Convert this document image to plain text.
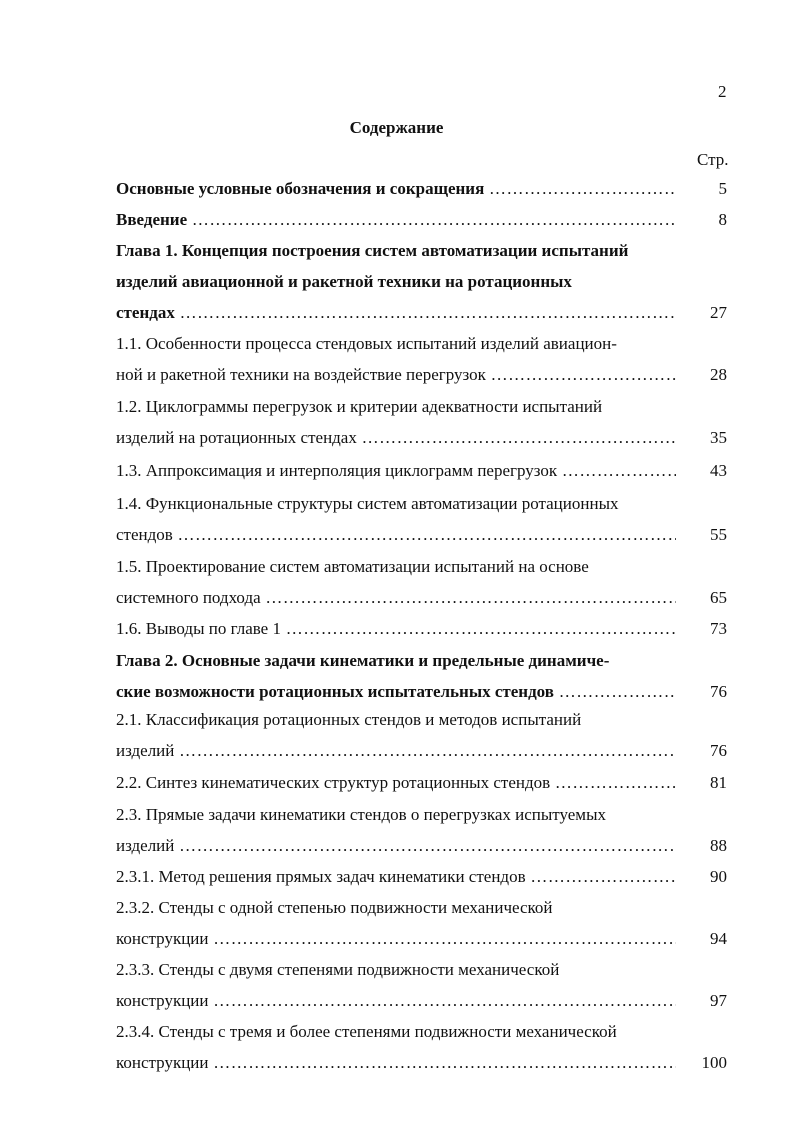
2
Содержание
Стр.
Основные условные обозначения и сокращения ………………………………………………………………………………………………………………………………………………………………………………	5
Введение ………………………………………………………………………………………………………………………………………………………………………………	8
Глава 1. Концепция построения систем автоматизации испытаний
изделий авиационной и ракетной техники на ротационных
стендах ………………………………………………………………………………………………………………………………………………………………………………	27
1.1. Особенности процесса стендовых испытаний изделий авиацион-
ной и ракетной техники на воздействие перегрузок ………………………………………………………………………………………………………………………………………………………………………………	28
1.2. Циклограммы перегрузок и критерии адекватности испытаний
изделий на ротационных стендах ………………………………………………………………………………………………………………………………………………………………………………	35
1.3. Аппроксимация и интерполяция циклограмм перегрузок ………………………………………………………………………………………………………………………………………………………………………………	43
1.4. Функциональные структуры систем автоматизации ротационных
стендов ………………………………………………………………………………………………………………………………………………………………………………	55
1.5. Проектирование систем автоматизации испытаний на основе
системного подхода ………………………………………………………………………………………………………………………………………………………………………………	65
1.6. Выводы по главе 1 ………………………………………………………………………………………………………………………………………………………………………………	73
Глава 2. Основные задачи кинематики и предельные динамиче-
ские возможности ротационных испытательных стендов ………………………………………………………………………………………………………………………………………………………………………………	76
2.1. Классификация ротационных стендов и методов испытаний
изделий ………………………………………………………………………………………………………………………………………………………………………………	76
2.2. Синтез кинематических структур ротационных стендов ………………………………………………………………………………………………………………………………………………………………………………	81
2.3. Прямые задачи кинематики стендов о перегрузках испытуемых
изделий ………………………………………………………………………………………………………………………………………………………………………………	88
2.3.1. Метод решения прямых задач кинематики стендов ………………………………………………………………………………………………………………………………………………………………………………	90
2.3.2. Стенды с одной степенью подвижности механической
конструкции ………………………………………………………………………………………………………………………………………………………………………………	94
2.3.3. Стенды с двумя степенями подвижности механической
конструкции ………………………………………………………………………………………………………………………………………………………………………………	97
2.3.4. Стенды с тремя и более степенями подвижности механической
конструкции ………………………………………………………………………………………………………………………………………………………………………………	100
